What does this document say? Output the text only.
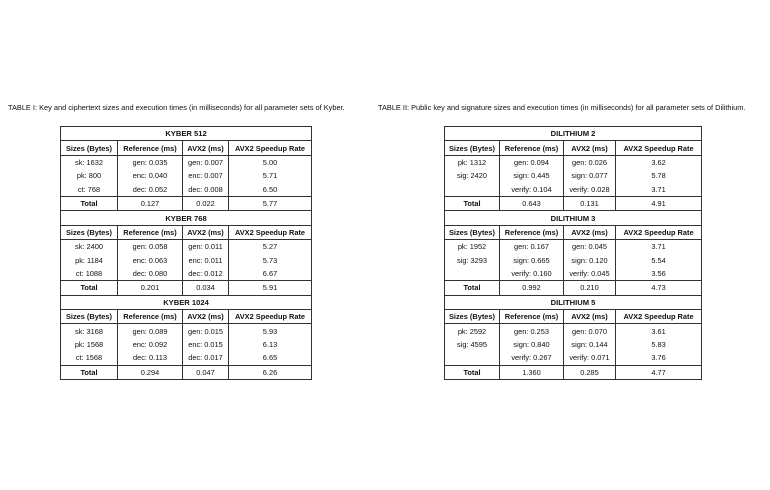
TABLE I: Key and ciphertext sizes and execution times (in milliseconds) for all parameter sets of Kyber.	TABLE II: Public key and signature sizes and execution times (in milliseconds) for all parameter sets of Dilithium.
KYBER 512			
Sizes (Bytes)	Reference (ms)	AVX2 (ms)	AVX2 Speedup Rate
sk: 1632	gen: 0.035	gen: 0.007	5.00
pk: 800	enc: 0.040	enc: 0.007	5.71
ct: 768	dec: 0.052	dec: 0.008	6.50
Total	0.127	0.022	5.77
KYBER 768			
Sizes (Bytes)	Reference (ms)	AVX2 (ms)	AVX2 Speedup Rate
sk: 2400	gen: 0.058	gen: 0.011	5.27
pk: 1184	enc: 0.063	enc: 0.011	5.73
ct: 1088	dec: 0.080	dec: 0.012	6.67
Total	0.201	0.034	5.91
KYBER 1024			
Sizes (Bytes)	Reference (ms)	AVX2 (ms)	AVX2 Speedup Rate
sk: 3168	gen: 0.089	gen: 0.015	5.93
pk: 1568	enc: 0.092	enc: 0.015	6.13
ct: 1568	dec: 0.113	dec: 0.017	6.65
Total	0.294	0.047	6.26
DILITHIUM 2			
Sizes (Bytes)	Reference (ms)	AVX2 (ms)	AVX2 Speedup Rate
pk: 1312	gen: 0.094	gen: 0.026	3.62
sig: 2420	sign: 0.445	sign: 0.077	5.78
	verify: 0.104	verify: 0.028	3.71
Total	0.643	0.131	4.91
DILITHIUM 3			
Sizes (Bytes)	Reference (ms)	AVX2 (ms)	AVX2 Speedup Rate
pk: 1952	gen: 0.167	gen: 0.045	3.71
sig: 3293	sign: 0.665	sign: 0.120	5.54
	verify: 0.160	verify: 0.045	3.56
Total	0.992	0.210	4.73
DILITHIUM 5			
Sizes (Bytes)	Reference (ms)	AVX2 (ms)	AVX2 Speedup Rate
pk: 2592	gen: 0.253	gen: 0.070	3.61
sig: 4595	sign: 0.840	sign: 0.144	5.83
	verify: 0.267	verify: 0.071	3.76
Total	1.360	0.285	4.77
